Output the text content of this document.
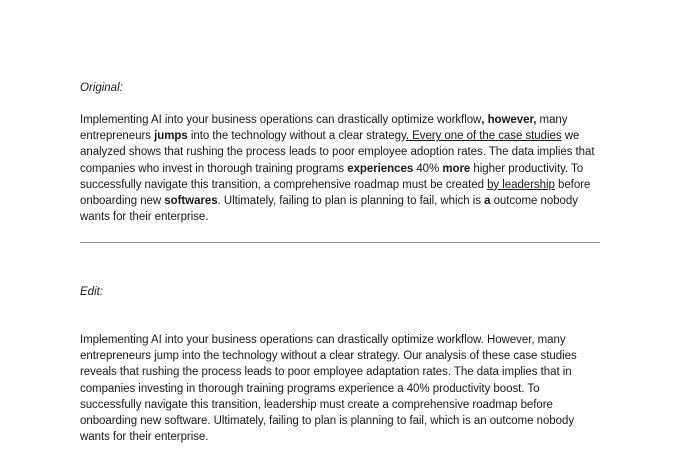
Original:

Implementing AI into your business operations can drastically optimize workflow, however, many entrepreneurs jumps into the technology without a clear strategy. Every one of the case studies we analyzed shows that rushing the process leads to poor employee adoption rates. The data implies that companies who invest in thorough training programs experiences 40% more higher productivity. To successfully navigate this transition, a comprehensive roadmap must be created by leadership before onboarding new softwares. Ultimately, failing to plan is planning to fail, which is a outcome nobody wants for their enterprise.

Edit:

Implementing AI into your business operations can drastically optimize workflow. However, many entrepreneurs jump into the technology without a clear strategy. Our analysis of these case studies reveals that rushing the process leads to poor employee adaptation rates. The data implies that in companies investing in thorough training programs experience a 40% productivity boost. To successfully navigate this transition, leadership must create a comprehensive roadmap before onboarding new software. Ultimately, failing to plan is planning to fail, which is an outcome nobody wants for their enterprise.
